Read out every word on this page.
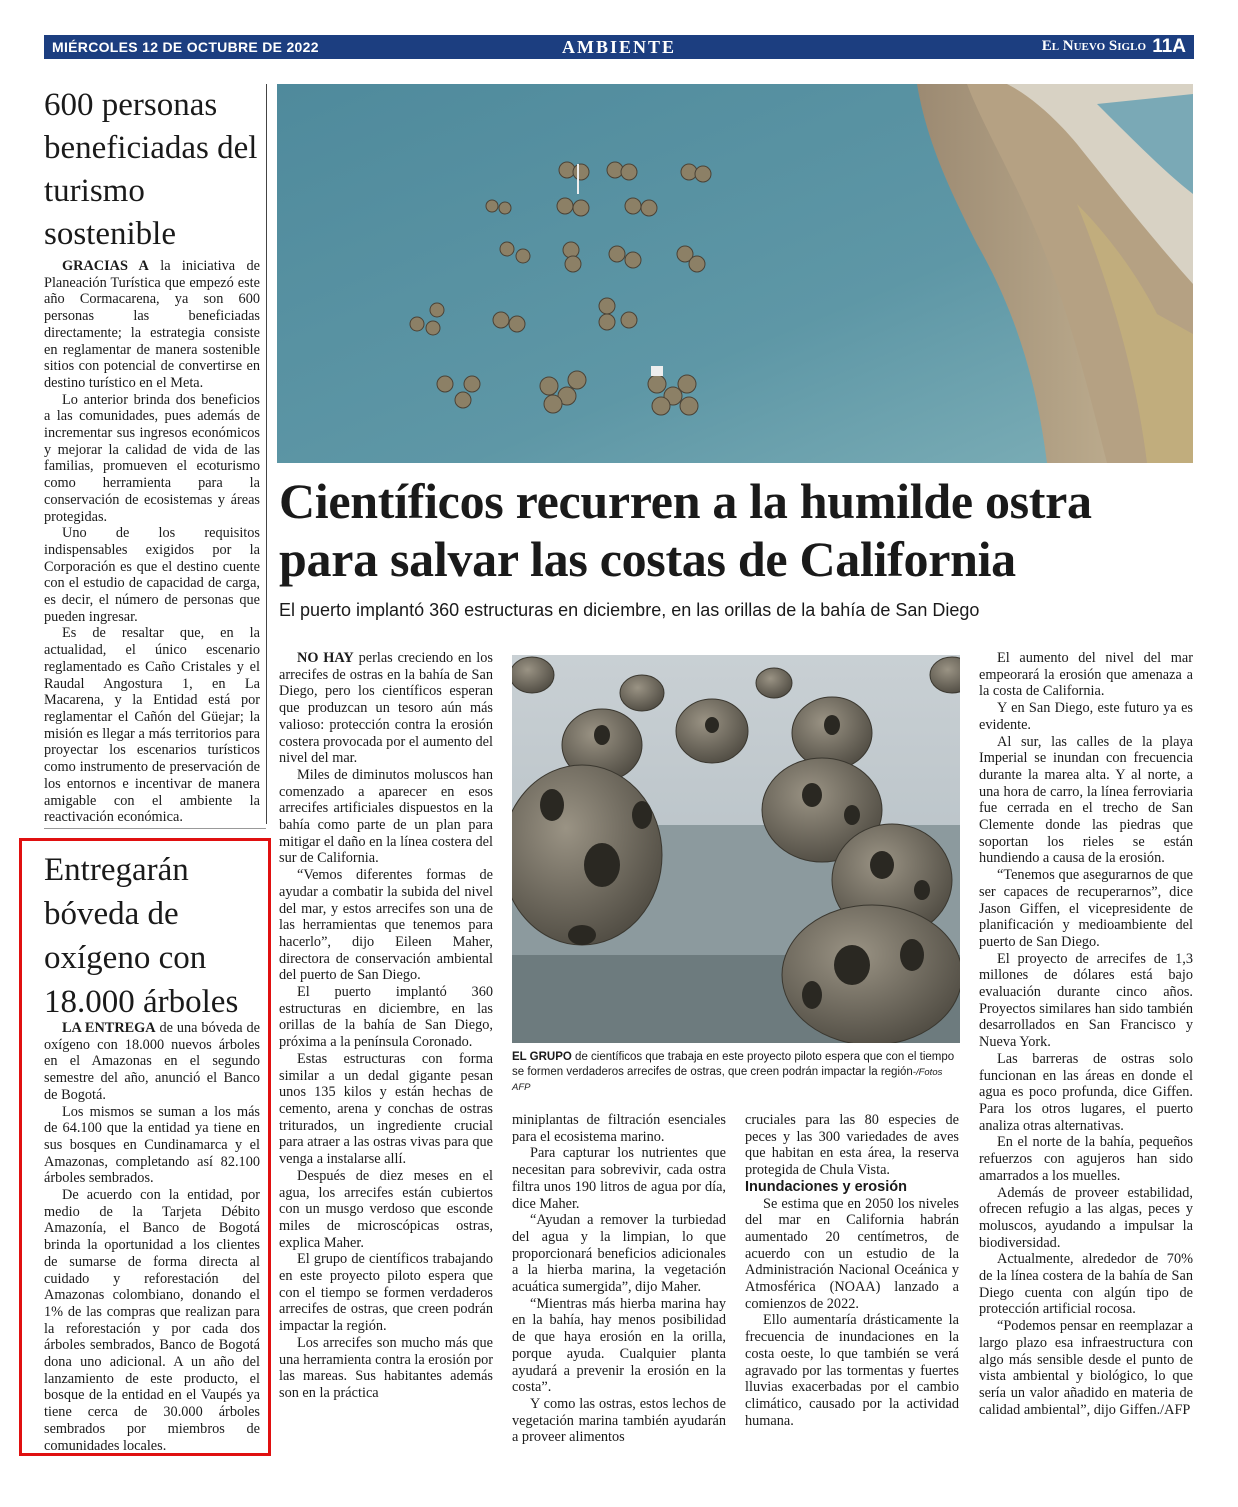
MIÉRCOLES 12 DE OCTUBRE DE 2022	AMBIENTE	El Nuevo Siglo 11A
600 personas beneficiadas del turismo sostenible

GRACIAS A la iniciativa de Planeación Turística que empezó este año Cormacarena, ya son 600 personas las beneficiadas directamente; la estrategia consiste en reglamentar de manera sostenible sitios con potencial de convertirse en destino turístico en el Meta.

Lo anterior brinda dos beneficios a las comunidades, pues además de incrementar sus ingresos económicos y mejorar la calidad de vida de las familias, promueven el ecoturismo como herramienta para la conservación de ecosistemas y áreas protegidas.

Uno de los requisitos indispensables exigidos por la Corporación es que el destino cuente con el estudio de capacidad de carga, es decir, el número de personas que pueden ingresar.

Es de resaltar que, en la actualidad, el único escenario reglamentado es Caño Cristales y el Raudal Angostura 1, en La Macarena, y la Entidad está por reglamentar el Cañón del Güejar; la misión es llegar a más territorios para proyectar los escenarios turísticos como instrumento de preservación de los entornos e incentivar de manera amigable con el ambiente la reactivación económica.

Entregarán bóveda de oxígeno con 18.000 árboles

LA ENTREGA de una bóveda de oxígeno con 18.000 nuevos árboles en el Amazonas en el segundo semestre del año, anunció el Banco de Bogotá.

Los mismos se suman a los más de 64.100 que la entidad ya tiene en sus bosques en Cundinamarca y el Amazonas, completando así 82.100 árboles sembrados.

De acuerdo con la entidad, por medio de la Tarjeta Débito Amazonía, el Banco de Bogotá brinda la oportunidad a los clientes de sumarse de forma directa al cuidado y reforestación del Amazonas colombiano, donando el 1% de las compras que realizan para la reforestación y por cada dos árboles sembrados, Banco de Bogotá dona uno adicional. A un año del lanzamiento de este producto, el bosque de la entidad en el Vaupés ya tiene cerca de 30.000 árboles sembrados por miembros de comunidades locales.

Científicos recurren a la humilde ostra para salvar las costas de California
El puerto implantó 360 estructuras en diciembre, en las orillas de la bahía de San Diego

NO HAY perlas creciendo en los arrecifes de ostras en la bahía de San Diego, pero los científicos esperan que produzcan un tesoro aún más valioso: protección contra la erosión costera provocada por el aumento del nivel del mar.

Miles de diminutos moluscos han comenzado a aparecer en esos arrecifes artificiales dispuestos en la bahía como parte de un plan para mitigar el daño en la línea costera del sur de California.

“Vemos diferentes formas de ayudar a combatir la subida del nivel del mar, y estos arrecifes son una de las herramientas que tenemos para hacerlo”, dijo Eileen Maher, directora de conservación ambiental del puerto de San Diego.

El puerto implantó 360 estructuras en diciembre, en las orillas de la bahía de San Diego, próxima a la península Coronado.

Estas estructuras con forma similar a un dedal gigante pesan unos 135 kilos y están hechas de cemento, arena y conchas de ostras triturados, un ingrediente crucial para atraer a las ostras vivas para que venga a instalarse allí.

Después de diez meses en el agua, los arrecifes están cubiertos con un musgo verdoso que esconde miles de microscópicas ostras, explica Maher.

El grupo de científicos trabajando en este proyecto piloto espera que con el tiempo se formen verdaderos arrecifes de ostras, que creen podrán impactar la región.

Los arrecifes son mucho más que una herramienta contra la erosión por las mareas. Sus habitantes además son en la práctica

EL GRUPO de científicos que trabaja en este proyecto piloto espera que con el tiempo se formen verdaderos arrecifes de ostras, que creen podrán impactar la región-/Fotos AFP

miniplantas de filtración esenciales para el ecosistema marino.

Para capturar los nutrientes que necesitan para sobrevivir, cada ostra filtra unos 190 litros de agua por día, dice Maher.

“Ayudan a remover la turbiedad del agua y la limpian, lo que proporcionará beneficios adicionales a la hierba marina, la vegetación acuática sumergida”, dijo Maher.

“Mientras más hierba marina hay en la bahía, hay menos posibilidad de que haya erosión en la orilla, porque ayuda. Cualquier planta ayudará a prevenir la erosión en la costa”.

Y como las ostras, estos lechos de vegetación marina también ayudarán a proveer alimentos

cruciales para las 80 especies de peces y las 300 variedades de aves que habitan en esta área, la reserva protegida de Chula Vista.

Inundaciones y erosión

Se estima que en 2050 los niveles del mar en California habrán aumentado 20 centímetros, de acuerdo con un estudio de la Administración Nacional Oceánica y Atmosférica (NOAA) lanzado a comienzos de 2022.

Ello aumentaría drásticamente la frecuencia de inundaciones en la costa oeste, lo que también se verá agravado por las tormentas y fuertes lluvias exacerbadas por el cambio climático, causado por la actividad humana.

El aumento del nivel del mar empeorará la erosión que amenaza a la costa de California.

Y en San Diego, este futuro ya es evidente.

Al sur, las calles de la playa Imperial se inundan con frecuencia durante la marea alta. Y al norte, a una hora de carro, la línea ferroviaria fue cerrada en el trecho de San Clemente donde las piedras que soportan los rieles se están hundiendo a causa de la erosión.

“Tenemos que asegurarnos de que ser capaces de recuperarnos”, dice Jason Giffen, el vicepresidente de planificación y medioambiente del puerto de San Diego.

El proyecto de arrecifes de 1,3 millones de dólares está bajo evaluación durante cinco años. Proyectos similares han sido también desarrollados en San Francisco y Nueva York.

Las barreras de ostras solo funcionan en las áreas en donde el agua es poco profunda, dice Giffen. Para los otros lugares, el puerto analiza otras alternativas.

En el norte de la bahía, pequeños refuerzos con agujeros han sido amarrados a los muelles.

Además de proveer estabilidad, ofrecen refugio a las algas, peces y moluscos, ayudando a impulsar la biodiversidad.

Actualmente, alrededor de 70% de la línea costera de la bahía de San Diego cuenta con algún tipo de protección artificial rocosa.

“Podemos pensar en reemplazar a largo plazo esa infraestructura con algo más sensible desde el punto de vista ambiental y biológico, lo que sería un valor añadido en materia de calidad ambiental”, dijo Giffen./AFP
